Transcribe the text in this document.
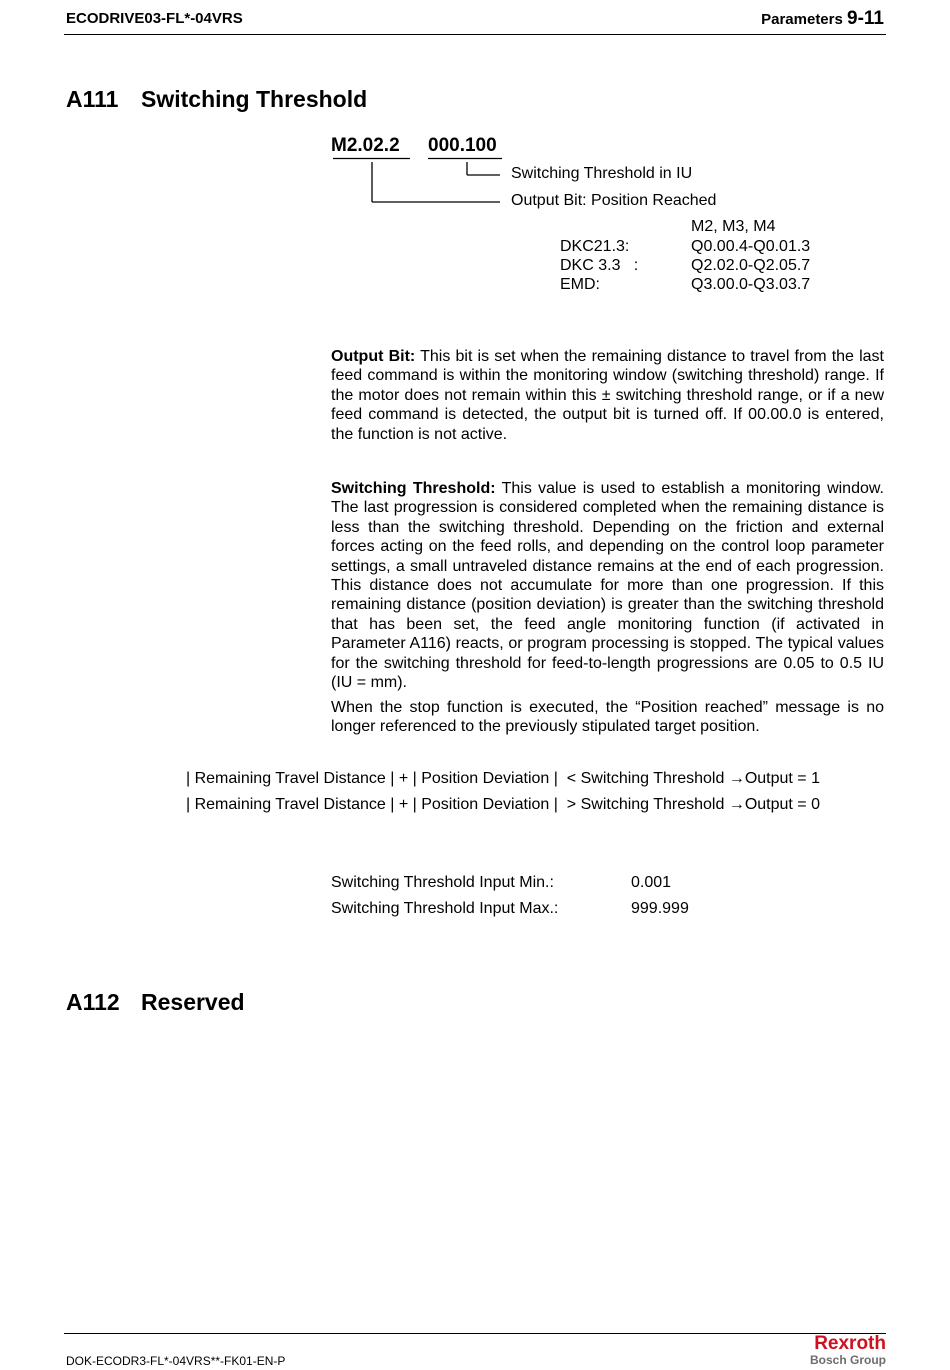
ECODRIVE03-FL*-04VRS	Parameters 9-11
A111 Switching Threshold
M2.02.2 000.100
Switching Threshold in IU
Output Bit: Position Reached
M2, M3, M4
DKC21.3:	Q0.00.4-Q0.01.3
DKC 3.3   :	Q2.02.0-Q2.05.7
EMD:	Q3.00.0-Q3.03.7
Output Bit: This bit is set when the remaining distance to travel from the last feed command is within the monitoring window (switching threshold) range. If the motor does not remain within this ± switching threshold range, or if a new feed command is detected, the output bit is turned off. If 00.00.0 is entered, the function is not active.
Switching Threshold: This value is used to establish a monitoring window. The last progression is considered completed when the remaining distance is less than the switching threshold. Depending on the friction and external forces acting on the feed rolls, and depending on the control loop parameter settings, a small untraveled distance remains at the end of each progression. This distance does not accumulate for more than one progression. If this remaining distance (position deviation) is greater than the switching threshold that has been set, the feed angle monitoring function (if activated in Parameter A116) reacts, or program processing is stopped. The typical values for the switching threshold for feed-to-length progressions are 0.05 to 0.5 IU (IU = mm).
When the stop function is executed, the “Position reached” message is no longer referenced to the previously stipulated target position.
| Remaining Travel Distance | + | Position Deviation |  < Switching Threshold →Output = 1
| Remaining Travel Distance | + | Position Deviation |  > Switching Threshold →Output = 0
Switching Threshold Input Min.:	0.001
Switching Threshold Input Max.:	999.999
A112 Reserved
DOK-ECODR3-FL*-04VRS**-FK01-EN-P
Rexroth
Bosch Group
